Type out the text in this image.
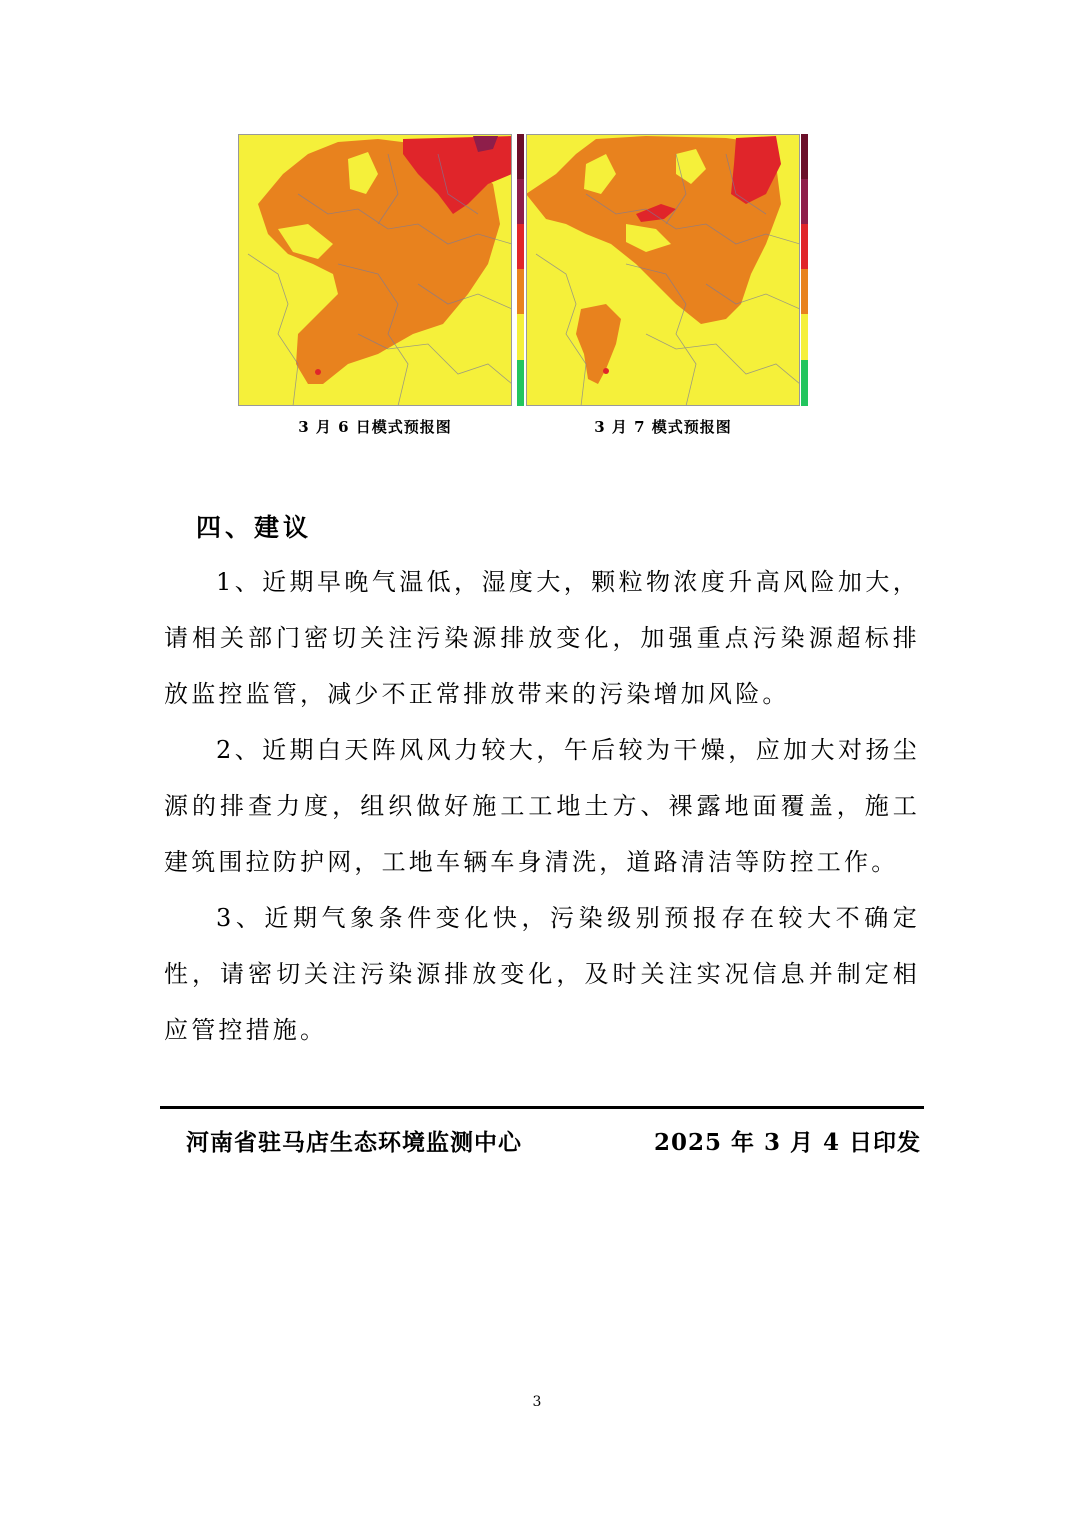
3 月 6 日模式预报图	3 月 7 模式预报图
四、建议

1、近期早晚气温低，湿度大，颗粒物浓度升高风险加大，请相关部门密切关注污染源排放变化，加强重点污染源超标排放监控监管，减少不正常排放带来的污染增加风险。

2、近期白天阵风风力较大，午后较为干燥，应加大对扬尘源的排查力度，组织做好施工工地土方、裸露地面覆盖，施工建筑围拉防护网，工地车辆车身清洗，道路清洁等防控工作。

3、近期气象条件变化快，污染级别预报存在较大不确定性，请密切关注污染源排放变化，及时关注实况信息并制定相应管控措施。

河南省驻马店生态环境监测中心	2025 年 3 月 4 日印发
3
